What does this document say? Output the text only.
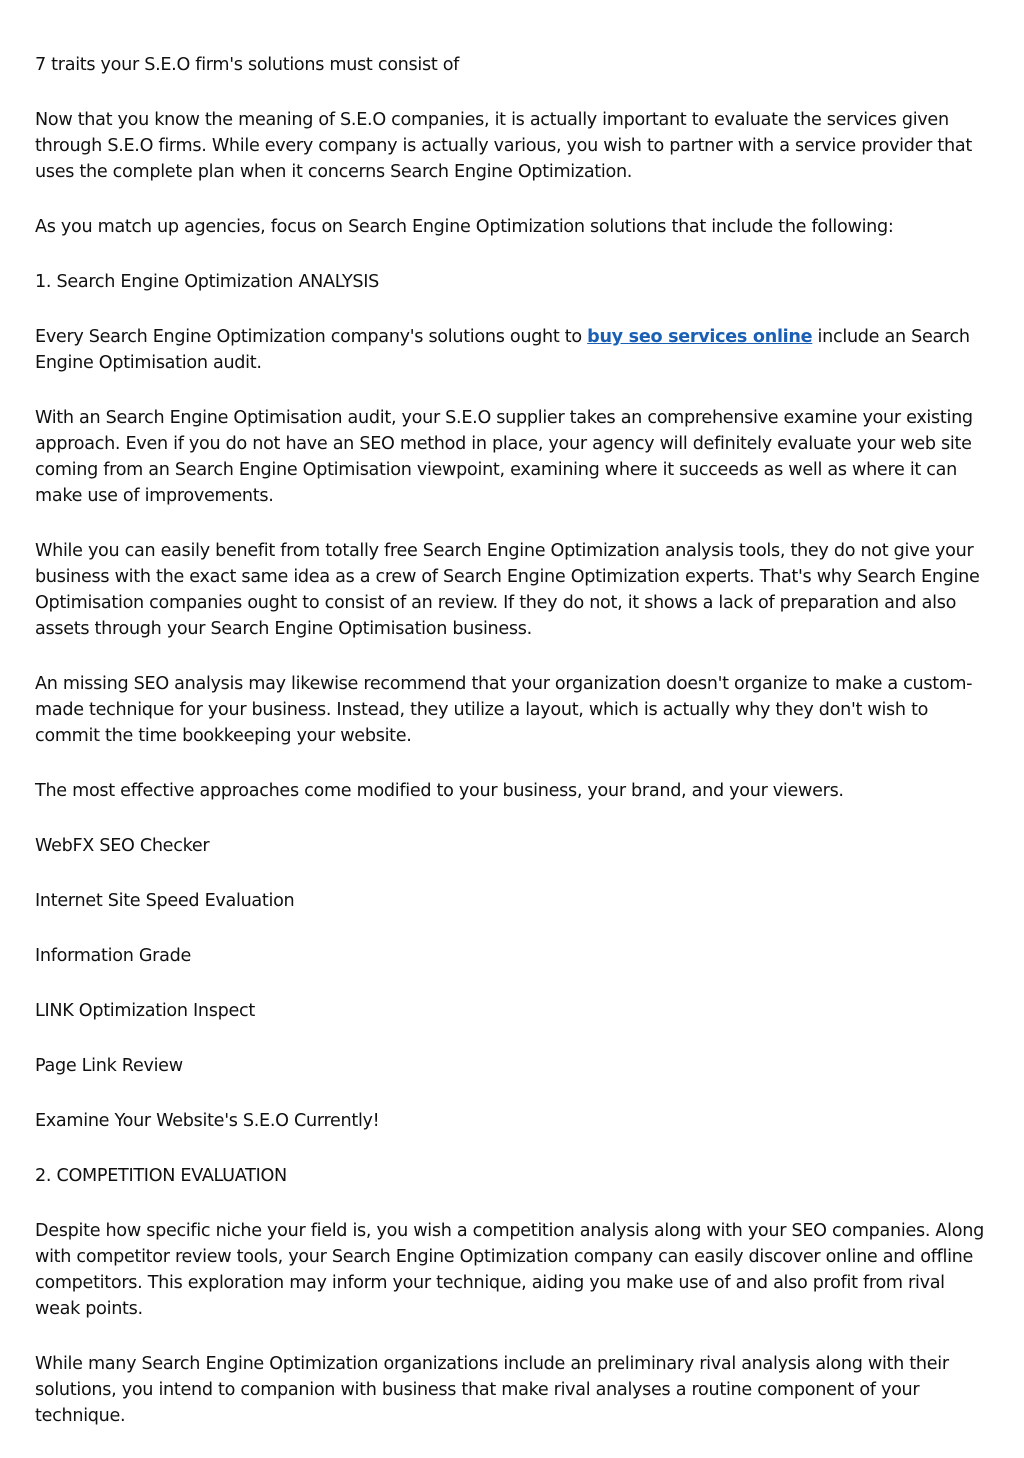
7 traits your S.E.O firm's solutions must consist of

Now that you know the meaning of S.E.O companies, it is actually important to evaluate the services given through S.E.O firms. While every company is actually various, you wish to partner with a service provider that uses the complete plan when it concerns Search Engine Optimization.

As you match up agencies, focus on Search Engine Optimization solutions that include the following:

1. Search Engine Optimization ANALYSIS

Every Search Engine Optimization company's solutions ought to buy seo services online include an Search Engine Optimisation audit.

With an Search Engine Optimisation audit, your S.E.O supplier takes an comprehensive examine your existing approach. Even if you do not have an SEO method in place, your agency will definitely evaluate your web site coming from an Search Engine Optimisation viewpoint, examining where it succeeds as well as where it can make use of improvements.

While you can easily benefit from totally free Search Engine Optimization analysis tools, they do not give your business with the exact same idea as a crew of Search Engine Optimization experts. That's why Search Engine Optimisation companies ought to consist of an review. If they do not, it shows a lack of preparation and also assets through your Search Engine Optimisation business.

An missing SEO analysis may likewise recommend that your organization doesn't organize to make a custom-made technique for your business. Instead, they utilize a layout, which is actually why they don't wish to commit the time bookkeeping your website.

The most effective approaches come modified to your business, your brand, and your viewers.

WebFX SEO Checker

Internet Site Speed Evaluation

Information Grade

LINK Optimization Inspect

Page Link Review

Examine Your Website's S.E.O Currently!

2. COMPETITION EVALUATION

Despite how specific niche your field is, you wish a competition analysis along with your SEO companies. Along with competitor review tools, your Search Engine Optimization company can easily discover online and offline competitors. This exploration may inform your technique, aiding you make use of and also profit from rival weak points.

While many Search Engine Optimization organizations include an preliminary rival analysis along with their solutions, you intend to companion with business that make rival analyses a routine component of your technique.
